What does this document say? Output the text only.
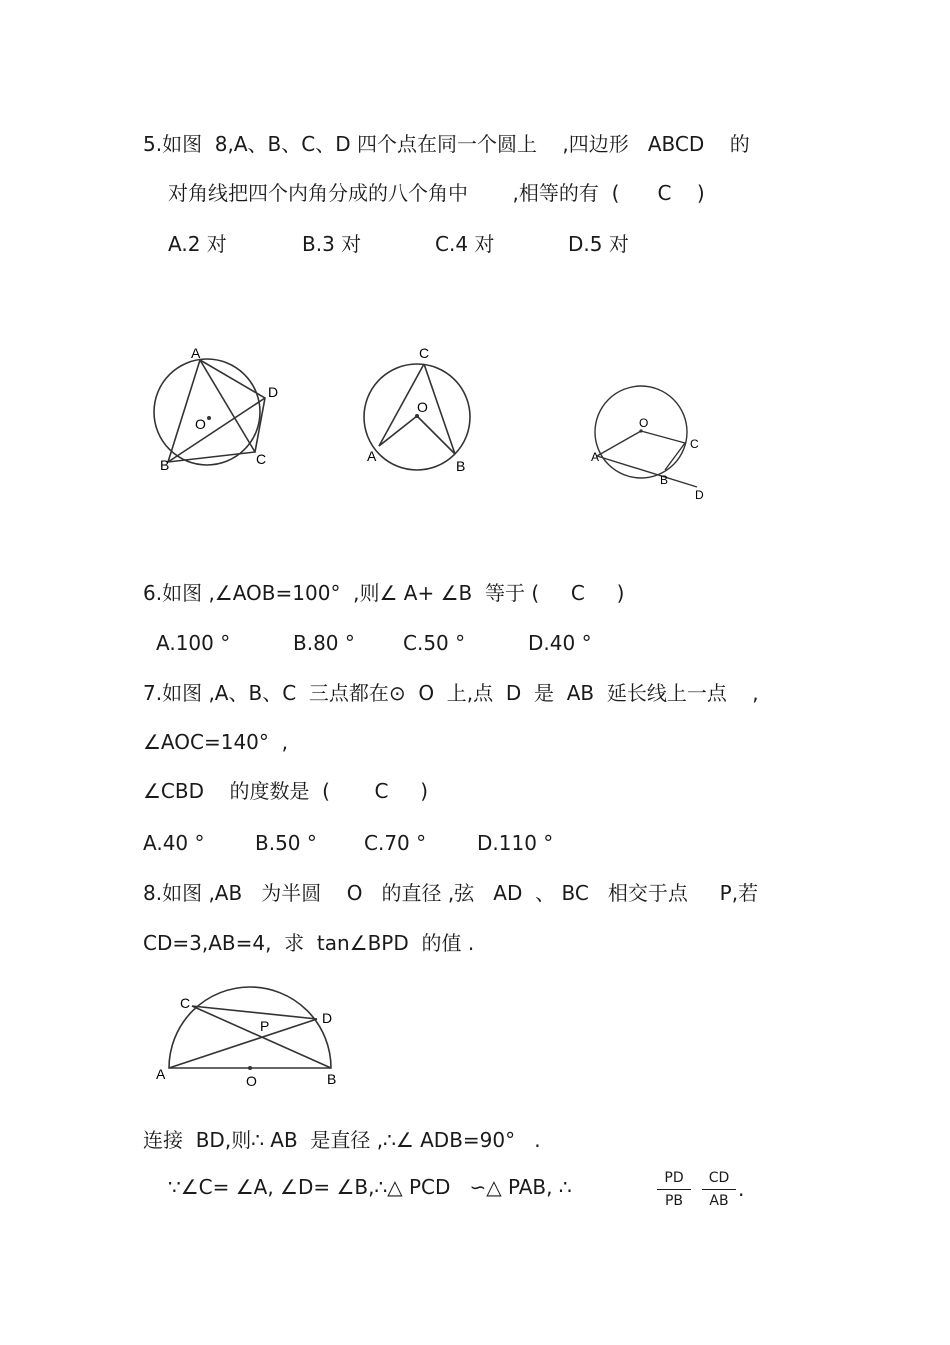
5.如图  8,A、B、C、D 四个点在同一个圆上    ,四边形   ABCD    的
对角线把四个内角分成的八个角中       ,相等的有  (      C    )
A.2 对	B.3 对	C.4 对	D.5 对
A
D
O
B	C
C
O
A
B
O
C
A
B
D
6.如图 ,∠AOB=100°  ,则∠ A+ ∠B  等于 (     C     )
A.100 °	B.80 ° C.50 °	D.40 °
7.如图 ,A、B、C  三点都在⊙  O  上,点  D  是  AB  延长线上一点    ,
∠AOC=140°  ,
∠CBD    的度数是  (       C     )
A.40 °	B.50 ° C.70 °	D.110 °
8.如图 ,AB   为半圆    O   的直径 ,弦   AD  、 BC   相交于点     P,若
CD=3,AB=4,  求  tan∠BPD  的值 .
C
D
P
A	O	B
连接  BD,则∴ AB  是直径 ,∴∠ ADB=90°   .
∵∠C= ∠A, ∠D= ∠B,∴△ PCD   ∽△ PAB, ∴	PD
PB
CD
AB .
